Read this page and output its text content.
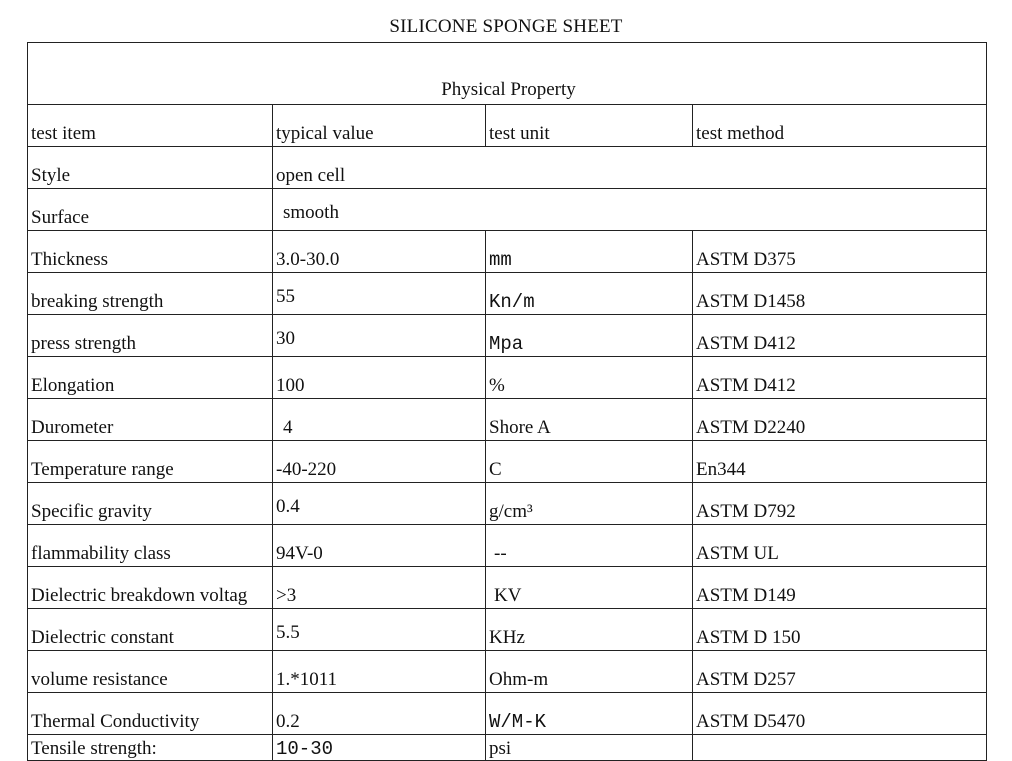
SILICONE SPONGE SHEET
Physical Property			
test item	typical value	test unit	test method
Style	open cell		
Surface	smooth		
Thickness	3.0-30.0	mm	ASTM D375
breaking strength	55	Kn/m	ASTM D1458
press strength	30	Mpa	ASTM D412
Elongation	100	%	ASTM D412
Durometer	4	Shore A	ASTM D2240
Temperature range	-40-220	C	En344
Specific gravity	0.4	g/cm³	ASTM D792
flammability class	94V-0	--	ASTM UL
Dielectric breakdown voltag	>3	KV	ASTM D149
Dielectric constant	5.5	KHz	ASTM D 150
volume resistance	1.*1011	Ohm-m	ASTM D257
Thermal Conductivity	0.2	W/M-K	ASTM D5470
Tensile strength:	10-30	psi	
